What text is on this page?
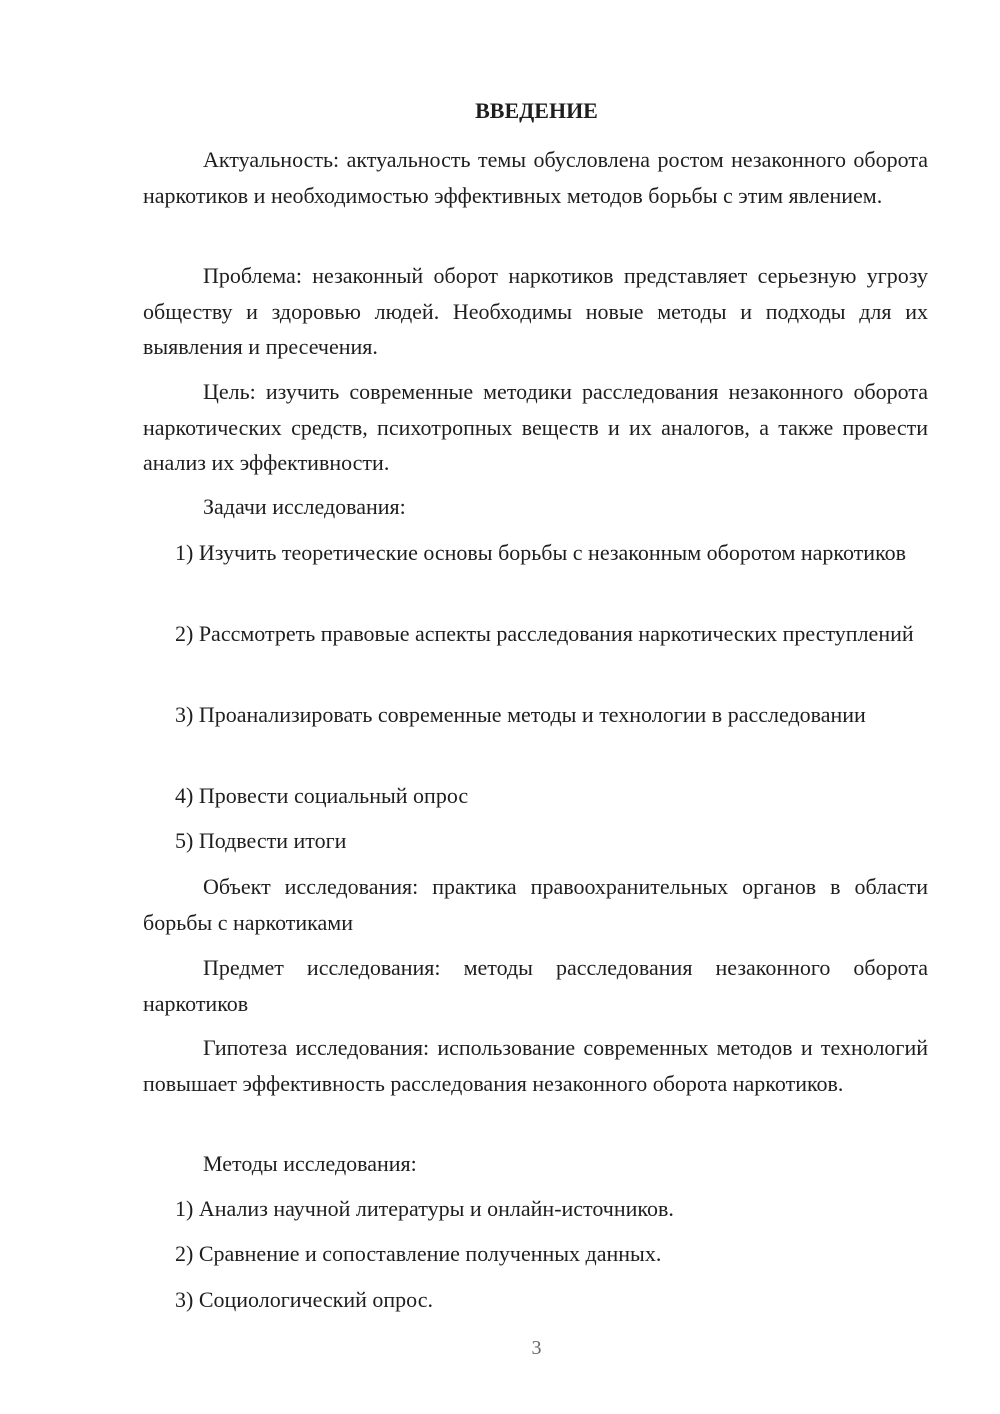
ВВЕДЕНИЕ

Актуальность: актуальность темы обусловлена ростом незаконного оборота наркотиков и необходимостью эффективных методов борьбы с этим явлением.

Проблема: незаконный оборот наркотиков представляет серьезную угрозу обществу и здоровью людей. Необходимы новые методы и подходы для их выявления и пресечения.

Цель: изучить современные методики расследования незаконного оборота наркотических средств, психотропных веществ и их аналогов, а также провести анализ их эффективности.

Задачи исследования:

1) Изучить теоретические основы борьбы с незаконным оборотом наркотиков

2) Рассмотреть правовые аспекты расследования наркотических преступлений

3) Проанализировать современные методы и технологии в расследовании

4) Провести социальный опрос

5) Подвести итоги

Объект исследования: практика правоохранительных органов в области борьбы с наркотиками

Предмет исследования: методы расследования незаконного оборота наркотиков

Гипотеза исследования: использование современных методов и технологий повышает эффективность расследования незаконного оборота наркотиков.

Методы исследования:

1) Анализ научной литературы и онлайн-источников.

2) Сравнение и сопоставление полученных данных.

3) Социологический опрос.

3
